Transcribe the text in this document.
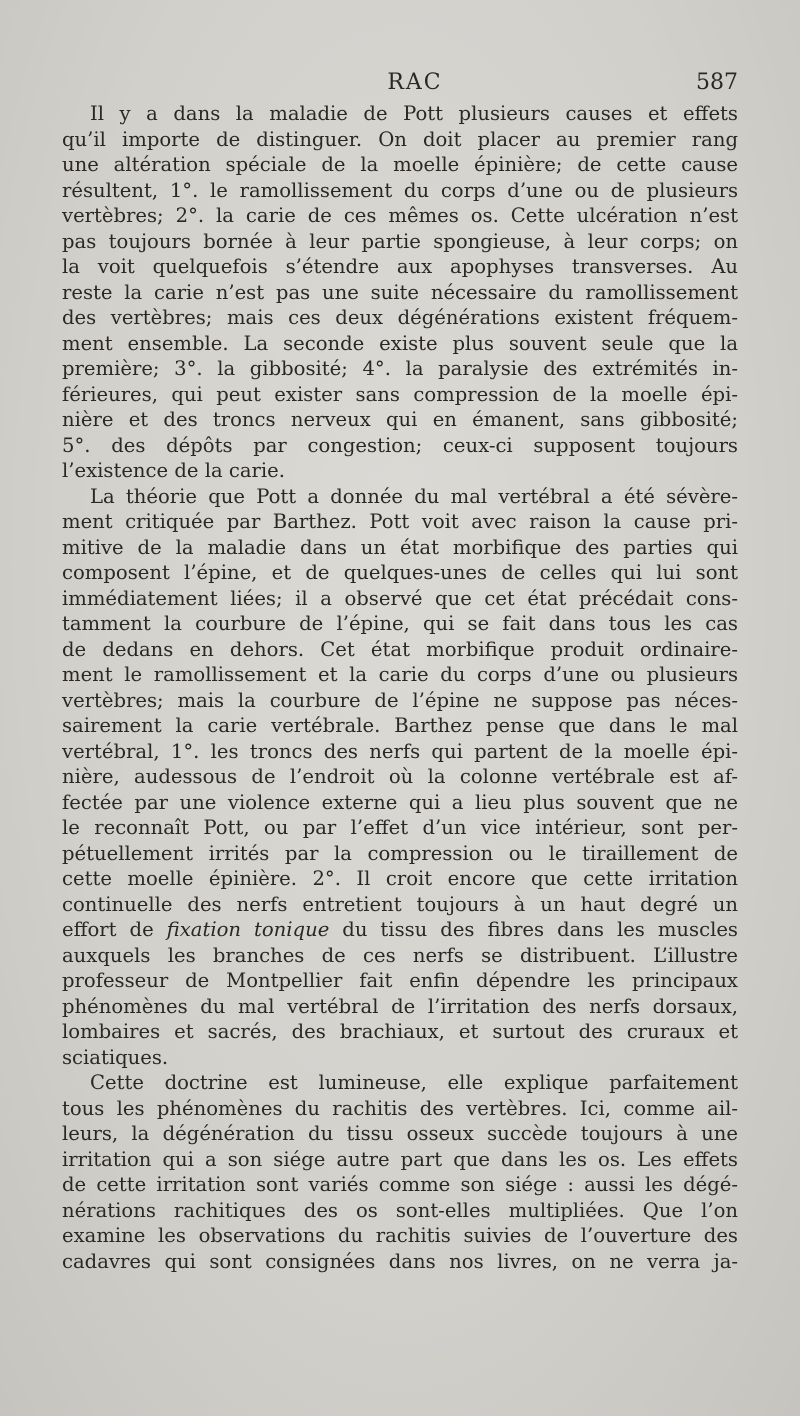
RAC	587
Il y a dans la maladie de Pott plusieurs causes et effets
qu’il importe de distinguer. On doit placer au premier rang
une altération spéciale de la moelle épinière; de cette cause
résultent, 1°. le ramollissement du corps d’une ou de plusieurs
vertèbres; 2°. la carie de ces mêmes os. Cette ulcération n’est
pas toujours bornée à leur partie spongieuse, à leur corps; on
la voit quelquefois s’étendre aux apophyses transverses. Au
reste la carie n’est pas une suite nécessaire du ramollissement
des vertèbres; mais ces deux dégénérations existent fréquem-
ment ensemble. La seconde existe plus souvent seule que la
première; 3°. la gibbosité; 4°. la paralysie des extrémités in-
férieures, qui peut exister sans compression de la moelle épi-
nière et des troncs nerveux qui en émanent, sans gibbosité;
5°. des dépôts par congestion; ceux-ci supposent toujours
l’existence de la carie.
La théorie que Pott a donnée du mal vertébral a été sévère-
ment critiquée par Barthez. Pott voit avec raison la cause pri-
mitive de la maladie dans un état morbifique des parties qui
composent l’épine, et de quelques-unes de celles qui lui sont
immédiatement liées; il a observé que cet état précédait cons-
tamment la courbure de l’épine, qui se fait dans tous les cas
de dedans en dehors. Cet état morbifique produit ordinaire-
ment le ramollissement et la carie du corps d’une ou plusieurs
vertèbres; mais la courbure de l’épine ne suppose pas néces-
sairement la carie vertébrale. Barthez pense que dans le mal
vertébral, 1°. les troncs des nerfs qui partent de la moelle épi-
nière, audessous de l’endroit où la colonne vertébrale est af-
fectée par une violence externe qui a lieu plus souvent que ne
le reconnaît Pott, ou par l’effet d’un vice intérieur, sont per-
pétuellement irrités par la compression ou le tiraillement de
cette moelle épinière. 2°. Il croit encore que cette irritation
continuelle des nerfs entretient toujours à un haut degré un
effort de fixation tonique du tissu des fibres dans les muscles
auxquels les branches de ces nerfs se distribuent. L’illustre
professeur de Montpellier fait enfin dépendre les principaux
phénomènes du mal vertébral de l’irritation des nerfs dorsaux,
lombaires et sacrés, des brachiaux, et surtout des cruraux et
sciatiques.
Cette doctrine est lumineuse, elle explique parfaitement
tous les phénomènes du rachitis des vertèbres. Ici, comme ail-
leurs, la dégénération du tissu osseux succède toujours à une
irritation qui a son siége autre part que dans les os. Les effets
de cette irritation sont variés comme son siége : aussi les dégé-
nérations rachitiques des os sont-elles multipliées. Que l’on
examine les observations du rachitis suivies de l’ouverture des
cadavres qui sont consignées dans nos livres, on ne verra ja-
